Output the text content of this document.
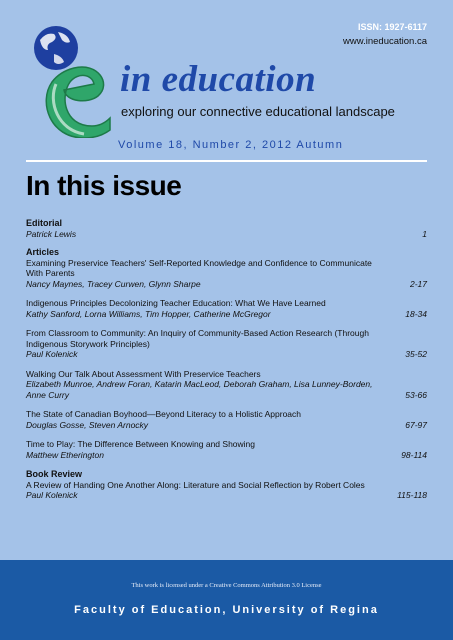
ISSN: 1927-6117
www.ineducation.ca
in education
exploring our connective educational landscape
Volume 18, Number 2, 2012 Autumn
In this issue
Editorial
Patrick Lewis	1
Articles
Examining Preservice Teachers' Self-Reported Knowledge and Confidence to Communicate With Parents
Nancy Maynes, Tracey Curwen, Glynn Sharpe	2-17
Indigenous Principles Decolonizing Teacher Education: What We Have Learned
Kathy Sanford, Lorna Williams, Tim Hopper, Catherine McGregor	18-34
From Classroom to Community: An Inquiry of Community-Based Action Research (Through Indigenous Storywork Principles)
Paul Kolenick	35-52
Walking Our Talk About Assessment With Preservice Teachers
Elizabeth Munroe, Andrew Foran, Katarin MacLeod, Deborah Graham, Lisa Lunney-Borden, Anne Curry	53-66
The State of Canadian Boyhood—Beyond Literacy to a Holistic Approach
Douglas Gosse, Steven Arnocky	67-97
Time to Play: The Difference Between Knowing and Showing
Matthew Etherington	98-114
Book Review
A Review of Handing One Another Along: Literature and Social Reflection by Robert Coles
Paul Kolenick	115-118
This work is licensed under a Creative Commons Attribution 3.0 License
Faculty of Education, University of Regina
